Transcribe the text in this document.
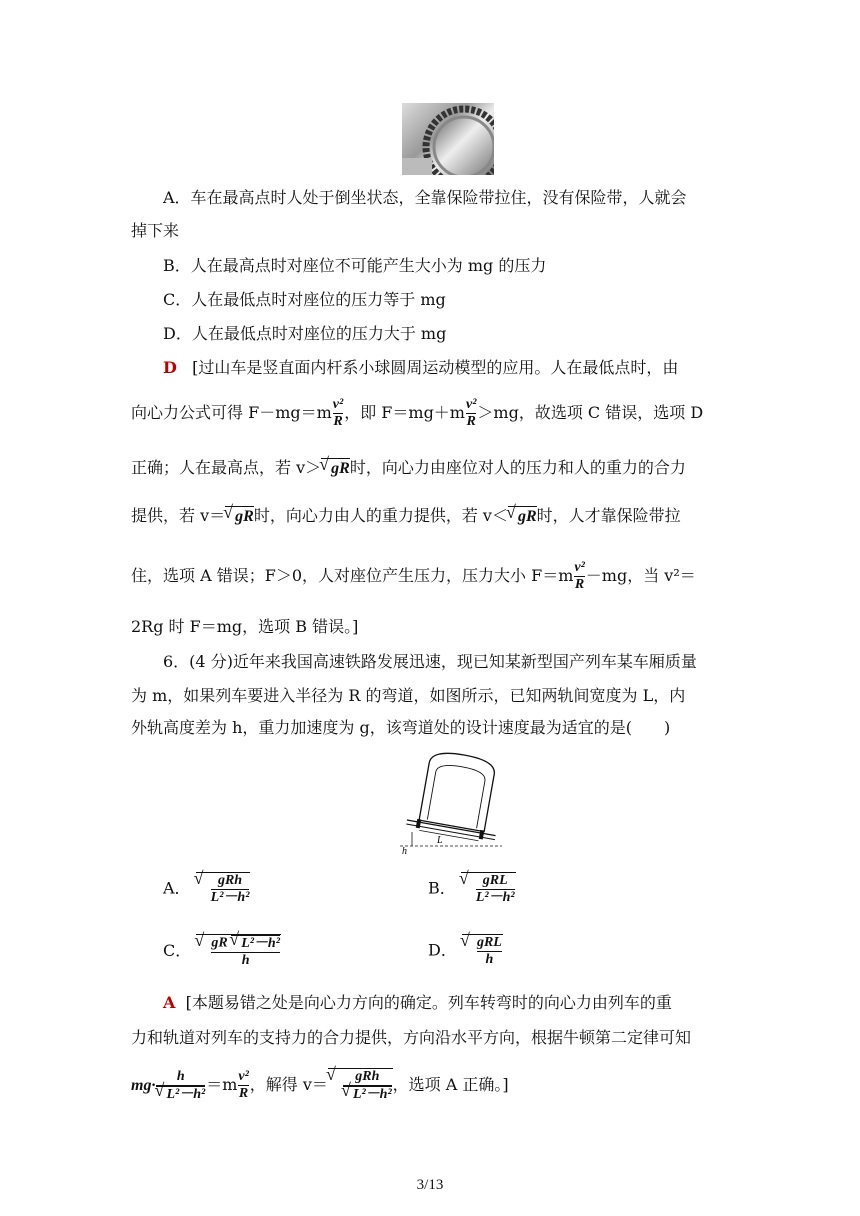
A．车在最高点时人处于倒坐状态，全靠保险带拉住，没有保险带，人就会
掉下来
B．人在最高点时对座位不可能产生大小为 mg 的压力
C．人在最低点时对座位的压力等于 mg
D．人在最低点时对座位的压力大于 mg
D [过山车是竖直面内杆系小球圆周运动模型的应用。人在最低点时，由
向心力公式可得 $F-mg=m \frac{\text{v²}}{R}$ ，即 $F=mg+m \frac{\text{v²}}{R} >mg$，故选项 C 错误，选项 D
正确；人在最高点，若 v＞ √ gR时，向心力由座位对人的压力和人的重力的合力
提供，若 v＝ √ gR时，向心力由人的重力提供，若 v＜ √ gR时，人才靠保险带拉
住，选项 A 错误；F＞0，人对座位产生压力，压力大小 $F=m \frac{\text{v²}}{R} -mg$，当 v²＝
2Rg 时 F＝mg，选项 B 错误。]
6．(4 分)近年来我国高速铁路发展迅速，现已知某新型国产列车某车厢质量
为 m，如果列车要进入半径为 R 的弯道，如图所示，已知两轨间宽度为 L，内
外轨高度差为 h，重力加速度为 g，该弯道处的设计速度最为适宜的是(　　)
L
h
A． √ $\frac{\text{gRh}}{\text{L²－h²}}$	B． √ $\frac{\text{gRL}}{\text{L²－h²}}$
C． √ $\frac{\text{gR √ L²－h²}}{h}$	D． √ $\frac{\text{gRL}}{h}$
A [本题易错之处是向心力方向的确定。列车转弯时的向心力由列车的重
力和轨道对列车的支持力的合力提供，方向沿水平方向，根据牛顿第二定律可知
mg· h
√ $L^2-h^2 =m \frac{\text{v²}}{R}$ ，解得 v＝ √ gRh
√ L²－h² ，选项 A 正确。]
3/13
